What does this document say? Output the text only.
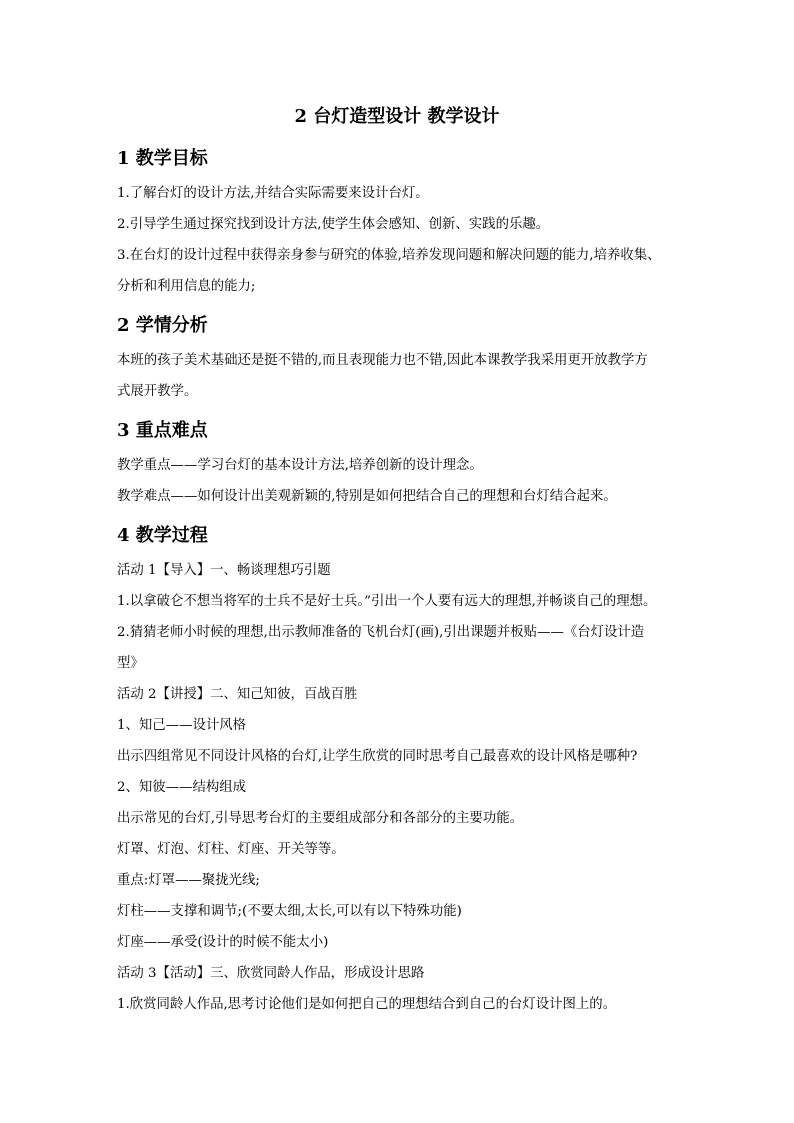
2 台灯造型设计 教学设计
1 教学目标
1.了解台灯的设计方法,并结合实际需要来设计台灯。
2.引导学生通过探究找到设计方法,使学生体会感知、创新、实践的乐趣。
3.在台灯的设计过程中获得亲身参与研究的体验,培养发现问题和解决问题的能力,培养收集、
分析和利用信息的能力;
2 学情分析
本班的孩子美术基础还是挺不错的,而且表现能力也不错,因此本课教学我采用更开放教学方
式展开教学。
3 重点难点
教学重点——学习台灯的基本设计方法,培养创新的设计理念。
教学难点——如何设计出美观新颖的,特别是如何把结合自己的理想和台灯结合起来。
4 教学过程
活动 1【导入】一、畅谈理想巧引题
1.以拿破仑不想当将军的士兵不是好士兵。”引出一个人要有远大的理想,并畅谈自己的理想。
2.猜猜老师小时候的理想,出示教师准备的飞机台灯(画),引出课题并板贴——《台灯设计造
型》
活动 2【讲授】二、知己知彼，百战百胜
1、知己——设计风格
出示四组常见不同设计风格的台灯,让学生欣赏的同时思考自己最喜欢的设计风格是哪种?
2、知彼——结构组成
出示常见的台灯,引导思考台灯的主要组成部分和各部分的主要功能。
灯罩、灯泡、灯柱、灯座、开关等等。
重点:灯罩——聚拢光线;
灯柱——支撑和调节;(不要太细,太长,可以有以下特殊功能)
灯座——承受(设计的时候不能太小)
活动 3【活动】三、欣赏同龄人作品，形成设计思路
1.欣赏同龄人作品,思考讨论他们是如何把自己的理想结合到自己的台灯设计图上的。
